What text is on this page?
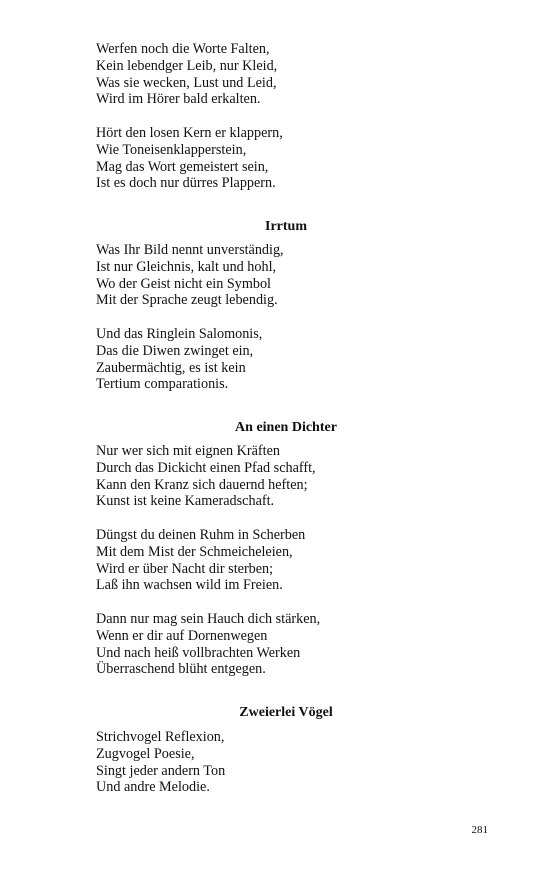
Werfen noch die Worte Falten,
Kein lebendger Leib, nur Kleid,
Was sie wecken, Lust und Leid,
Wird im Hörer bald erkalten.
Hört den losen Kern er klappern,
Wie Toneisenklapperstein,
Mag das Wort gemeistert sein,
Ist es doch nur dürres Plappern.
Irrtum
Was Ihr Bild nennt unverständig,
Ist nur Gleichnis, kalt und hohl,
Wo der Geist nicht ein Symbol
Mit der Sprache zeugt lebendig.
Und das Ringlein Salomonis,
Das die Diwen zwinget ein,
Zaubermächtig, es ist kein
Tertium comparationis.
An einen Dichter
Nur wer sich mit eignen Kräften
Durch das Dickicht einen Pfad schafft,
Kann den Kranz sich dauernd heften;
Kunst ist keine Kameradschaft.
Düngst du deinen Ruhm in Scherben
Mit dem Mist der Schmeicheleien,
Wird er über Nacht dir sterben;
Laß ihn wachsen wild im Freien.
Dann nur mag sein Hauch dich stärken,
Wenn er dir auf Dornenwegen
Und nach heiß vollbrachten Werken
Überraschend blüht entgegen.
Zweierlei Vögel
Strichvogel Reflexion,
Zugvogel Poesie,
Singt jeder andern Ton
Und andre Melodie.
281
